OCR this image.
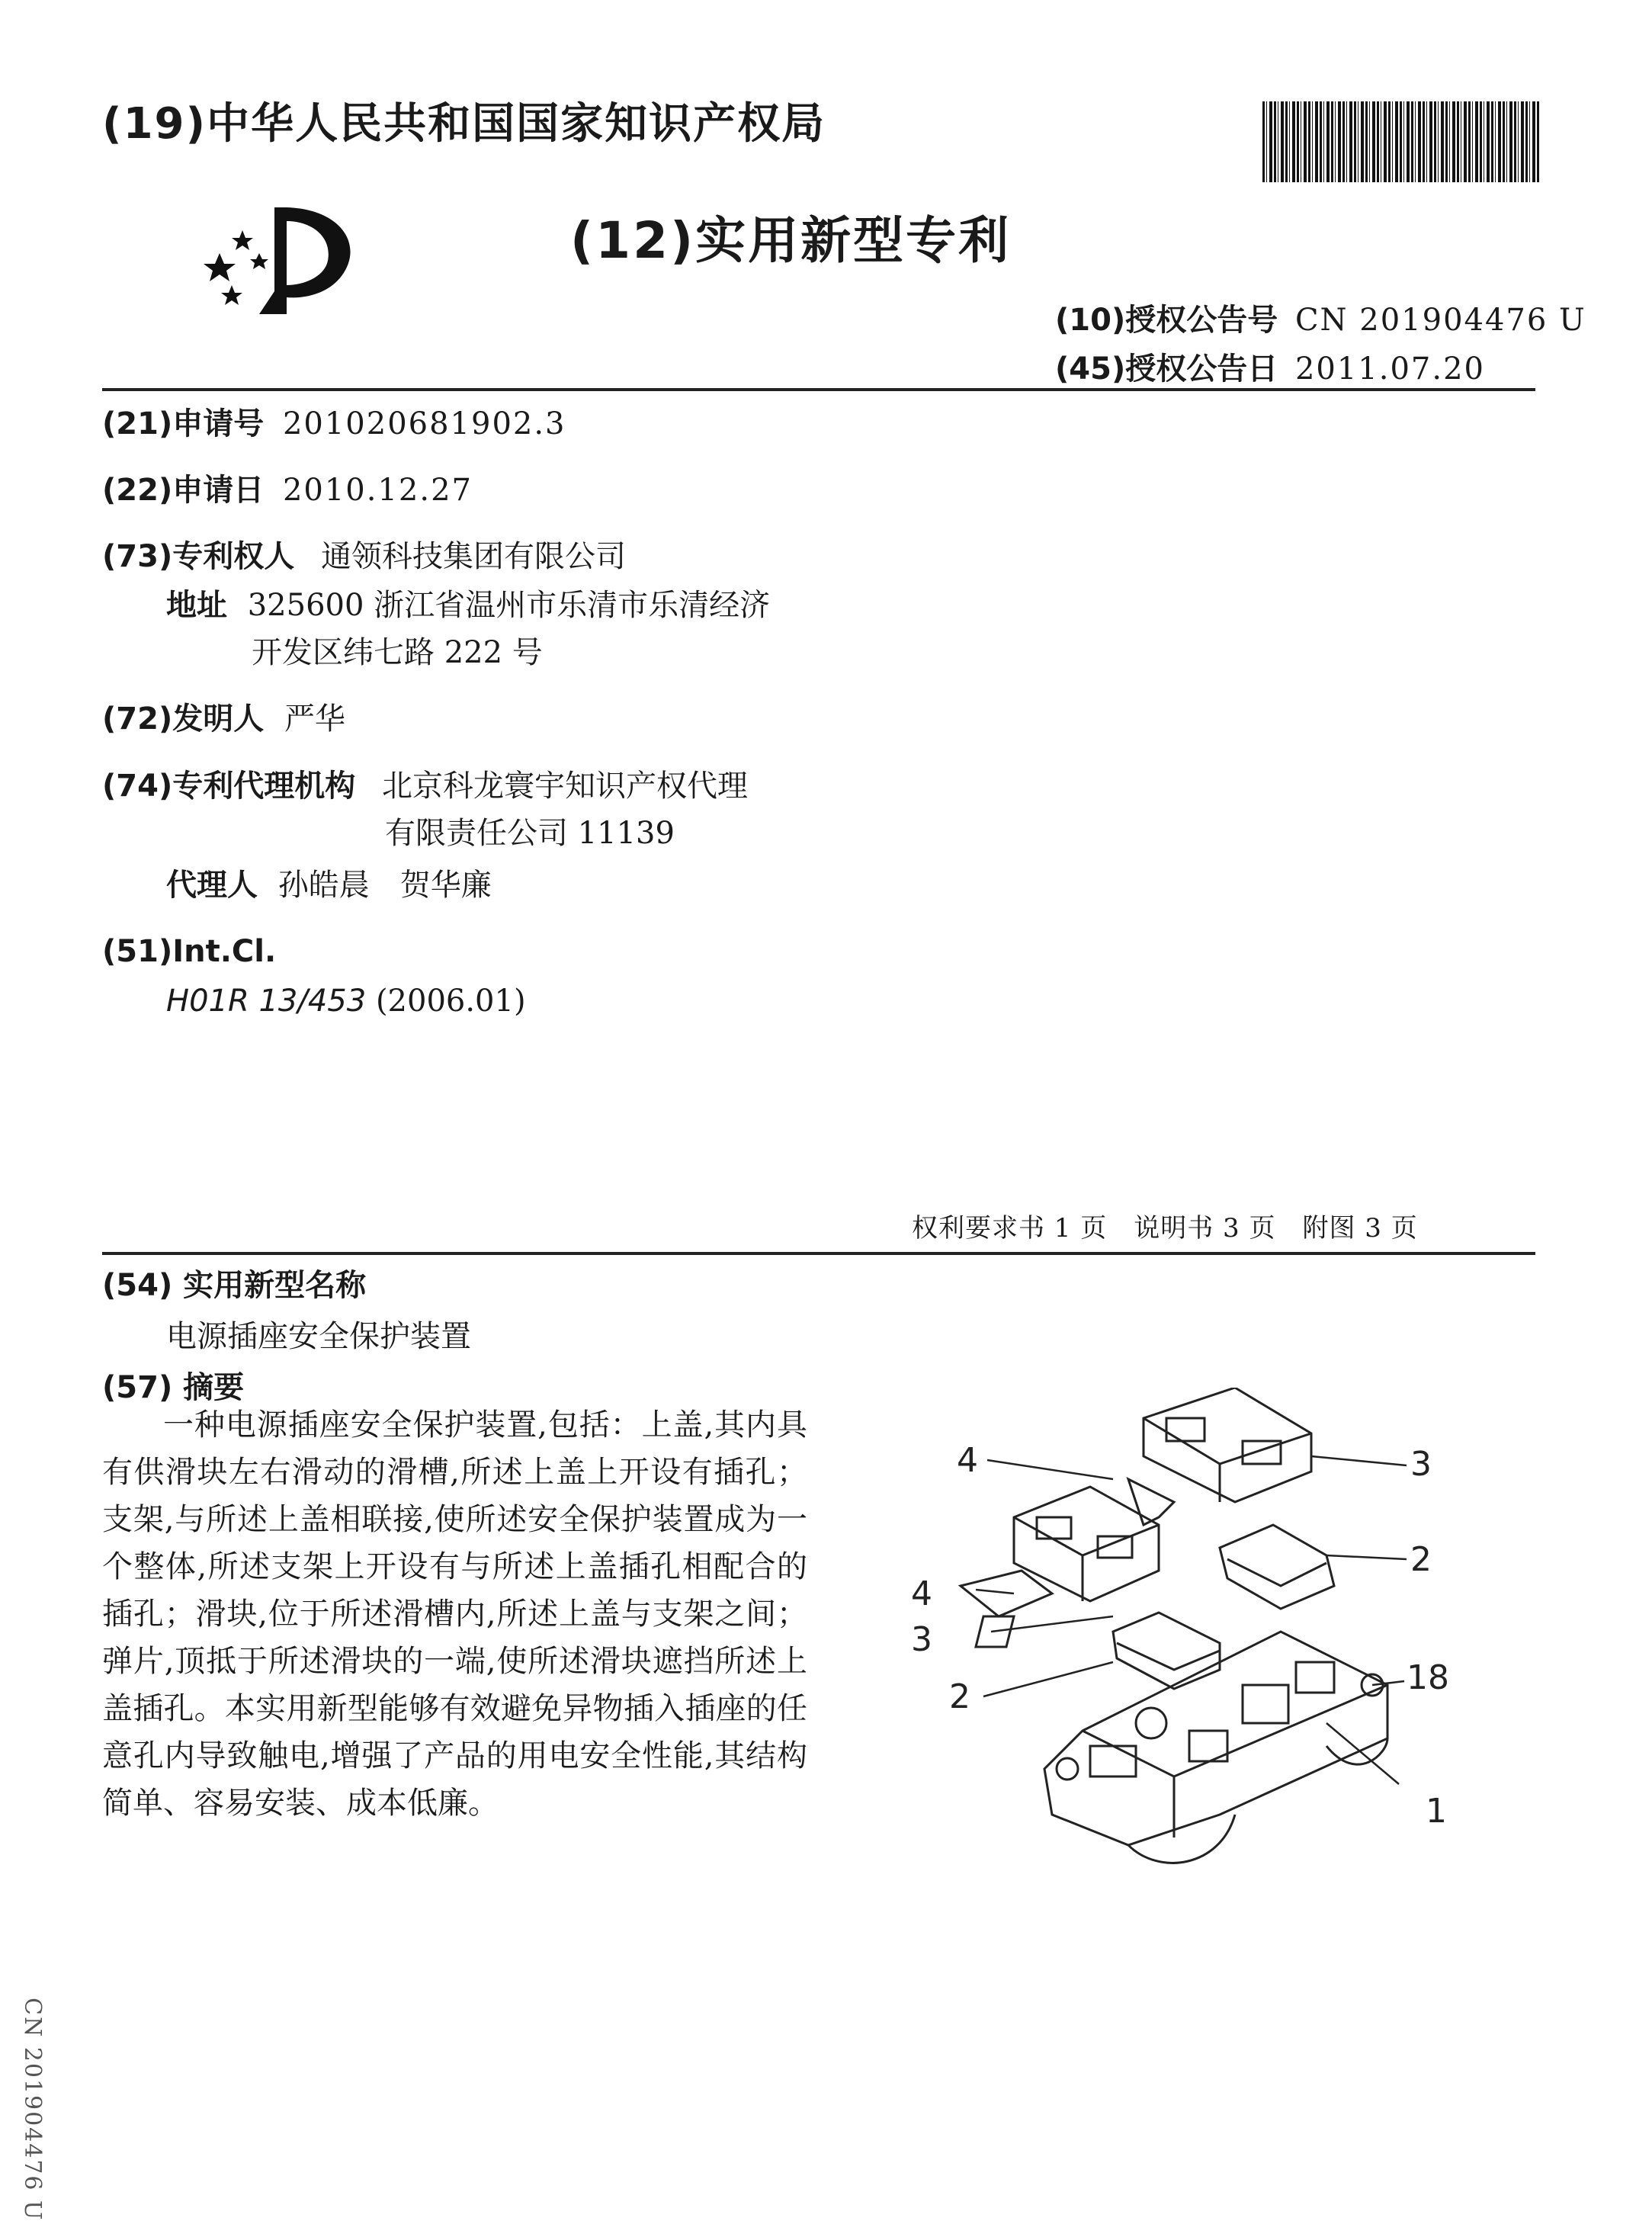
(19)中华人民共和国国家知识产权局
(12)实用新型专利
(10)授权公告号 CN 201904476 U
(45)授权公告日 2011.07.20
(21)申请号 201020681902.3
(22)申请日 2010.12.27
(73)专利权人 通领科技集团有限公司
地址 325600 浙江省温州市乐清市乐清经济
开发区纬七路 222 号
(72)发明人 严华
(74)专利代理机构 北京科龙寰宇知识产权代理
有限责任公司 11139
代理人 孙皓晨　贺华廉
(51)Int.Cl.
H01R 13/453 (2006.01)
权利要求书 1 页　说明书 3 页　附图 3 页
(54) 实用新型名称
电源插座安全保护装置
(57) 摘要
一种电源插座安全保护装置,包括：上盖,其内具有供滑块左右滑动的滑槽,所述上盖上开设有插孔；支架,与所述上盖相联接,使所述安全保护装置成为一个整体,所述支架上开设有与所述上盖插孔相配合的插孔；滑块,位于所述滑槽内,所述上盖与支架之间；弹片,顶抵于所述滑块的一端,使所述滑块遮挡所述上盖插孔。本实用新型能够有效避免异物插入插座的任意孔内导致触电,增强了产品的用电安全性能,其结构简单、容易安装、成本低廉。
4	3
2
4
3
2	18
1
CN 201904476 U
